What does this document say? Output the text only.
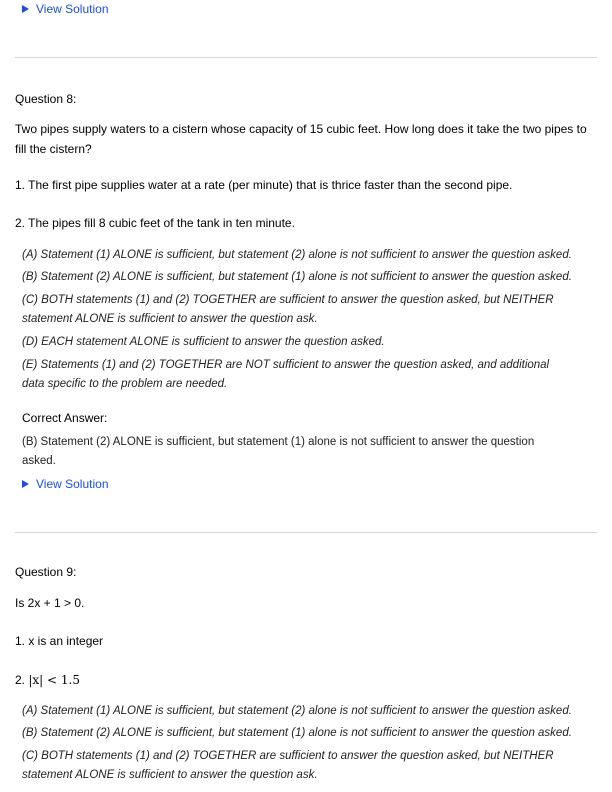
View Solution
Question 8:
Two pipes supply waters to a cistern whose capacity of 15 cubic feet. How long does it take the two pipes to
fill the cistern?
1. The first pipe supplies water at a rate (per minute) that is thrice faster than the second pipe.
2. The pipes fill 8 cubic feet of the tank in ten minute.
(A) Statement (1) ALONE is sufficient, but statement (2) alone is not sufficient to answer the question asked.
(B) Statement (2) ALONE is sufficient, but statement (1) alone is not sufficient to answer the question asked.
(C) BOTH statements (1) and (2) TOGETHER are sufficient to answer the question asked, but NEITHER
statement ALONE is sufficient to answer the question ask.
(D) EACH statement ALONE is sufficient to answer the question asked.
(E) Statements (1) and (2) TOGETHER are NOT sufficient to answer the question asked, and additional
data specific to the problem are needed.
Correct Answer:
(B) Statement (2) ALONE is sufficient, but statement (1) alone is not sufficient to answer the question
asked.
View Solution
Question 9:
Is 2x + 1 > 0.
1. x is an integer
2. |x| < 1.5
(A) Statement (1) ALONE is sufficient, but statement (2) alone is not sufficient to answer the question asked.
(B) Statement (2) ALONE is sufficient, but statement (1) alone is not sufficient to answer the question asked.
(C) BOTH statements (1) and (2) TOGETHER are sufficient to answer the question asked, but NEITHER
statement ALONE is sufficient to answer the question ask.
